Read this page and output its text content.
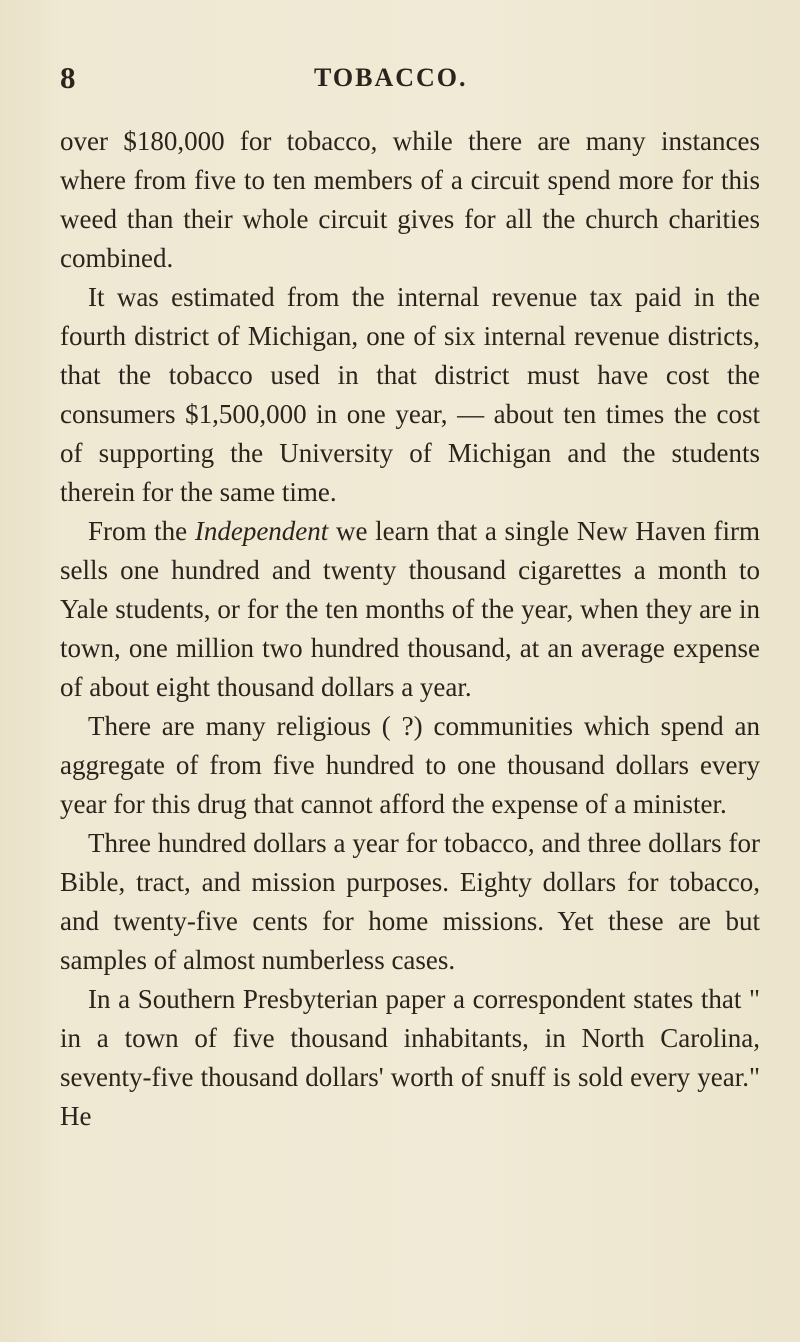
8	TOBACCO.

over $180,000 for tobacco, while there are many instances where from five to ten members of a circuit spend more for this weed than their whole circuit gives for all the church charities combined.

It was estimated from the internal revenue tax paid in the fourth district of Michigan, one of six internal revenue districts, that the tobacco used in that district must have cost the consumers $1,500,000 in one year, — about ten times the cost of supporting the University of Michigan and the students therein for the same time.

From the Independent we learn that a single New Haven firm sells one hundred and twenty thousand cigarettes a month to Yale students, or for the ten months of the year, when they are in town, one million two hundred thousand, at an average expense of about eight thousand dollars a year.

There are many religious ( ?) communities which spend an aggregate of from five hundred to one thousand dollars every year for this drug that cannot afford the expense of a minister.

Three hundred dollars a year for tobacco, and three dollars for Bible, tract, and mission purposes. Eighty dollars for tobacco, and twenty-five cents for home missions. Yet these are but samples of almost numberless cases.

In a Southern Presbyterian paper a correspondent states that " in a town of five thousand inhabitants, in North Carolina, seventy-five thousand dollars' worth of snuff is sold every year." He
